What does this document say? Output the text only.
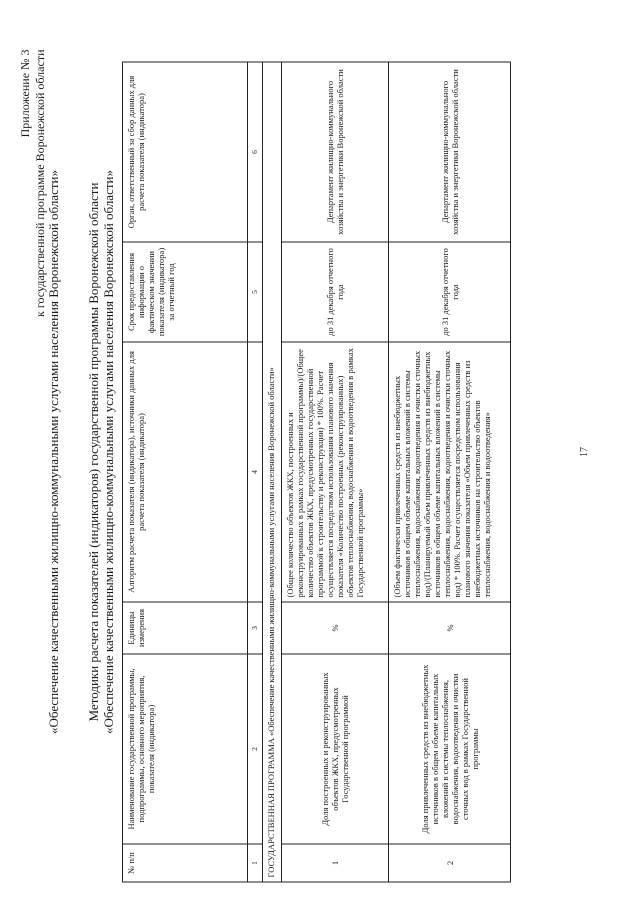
17
Приложение № 3 к государственной программе Воронежской области «Обеспечение качественными жилищно-коммунальными услугами населения Воронежской области» Методики расчета показателей (индикаторов) государственной программы Воронежской области «Обеспечение качественными жилищно-коммунальными услугами населения Воронежской области»
№ п/п	Наименование государственной программы, подпрограммы, основного мероприятия, показателя (индикатора)	Единицы измерения	Алгоритм расчета показателя (индикатора), источники данных для расчета показателя (индикатора)	Срок предоставления информации о фактическом значении показателя (индикатора) за отчетный год	Орган, ответственный за сбор данных для расчета показателя (индикатора)
1	2	3	4	5	6
ГОСУДАРСТВЕННАЯ ПРОГРАММА «Обеспечение качественными жилищно-коммунальными услугами населения Воронежской области»					
1	Доля построенных и реконструированных объектов ЖКХ, предусмотренных Государственной программой	%	(Общее количество объектов ЖКХ, построенных и реконструированных в рамках государственной программы)/(Общее количество объектов ЖКХ, предусмотренных государственной программой к строительству и реконструкции) * 100%. Расчет осуществляется посредством использования планового значения показателя «Количество построенных (реконструированных) объектов теплоснабжения, водоснабжения и водоотведения в рамках Государственной программы»	до 31 декабря отчетного года	Департамент жилищно-коммунального хозяйства и энергетики Воронежской области
2	Доля привлеченных средств из внебюджетных источников в общем объеме капитальных вложений в системы теплоснабжения, водоснабжения, водоотведения и очистки сточных вод в рамках Государственной программы	%	(Объем фактически привлеченных средств из внебюджетных источников в общем объеме капитальных вложений в системы теплоснабжения, водоснабжения, водоотведения и очистки сточных вод)/(Планируемый объем привлеченных средств из внебюджетных источников в общем объеме капитальных вложений в системы теплоснабжения, водоснабжения, водоотведения и очистки сточных вод) * 100%. Расчет осуществляется посредством использования планового значения показателя «Объем привлеченных средств из внебюджетных источников на строительство объектов теплоснабжения, водоснабжения и водоотведения»	до 31 декабря отчетного года	Департамент жилищно-коммунального хозяйства и энергетики Воронежской области
